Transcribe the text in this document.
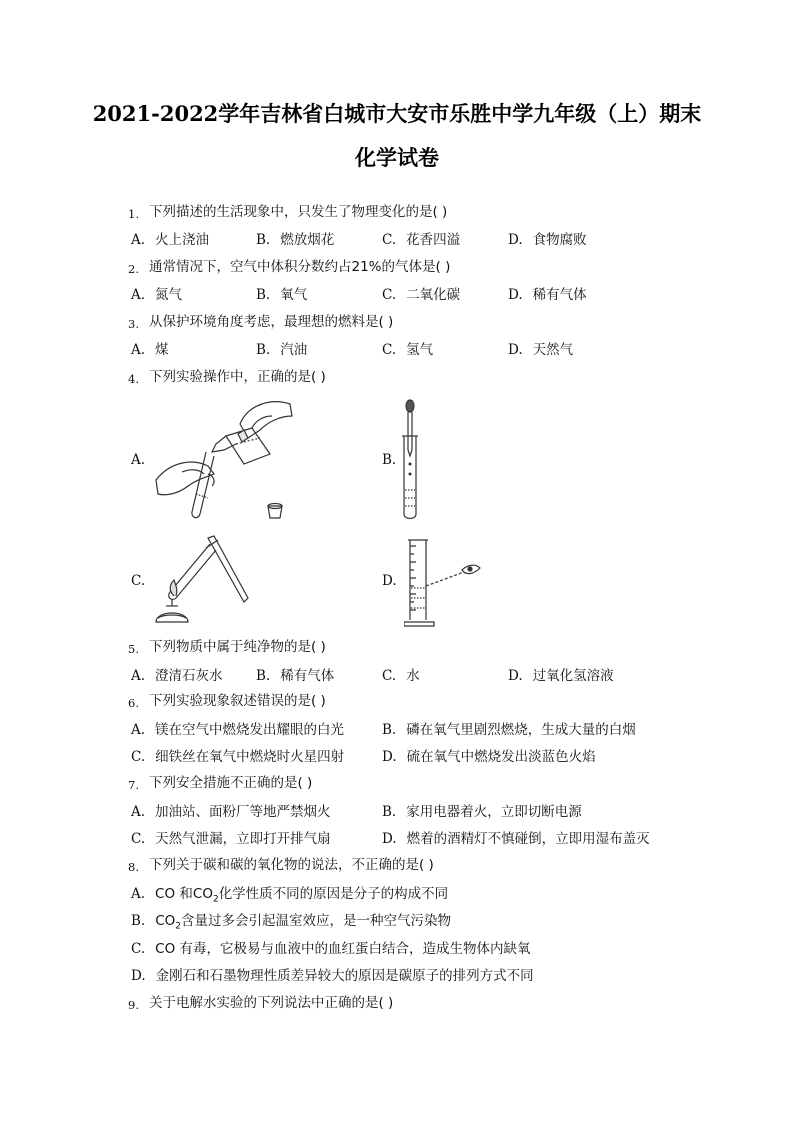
2021-2022学年吉林省白城市大安市乐胜中学九年级（上）期末
化学试卷
1. 下列描述的生活现象中，只发生了物理变化的是( )
A. 火上浇油	B. 燃放烟花	C. 花香四溢	D. 食物腐败
2. 通常情况下，空气中体积分数约占21%的气体是( )
A. 氮气	B. 氧气	C. 二氧化碳	D. 稀有气体
3. 从保护环境角度考虑，最理想的燃料是( )
A. 煤	B. 汽油	C. 氢气	D. 天然气
4. 下列实验操作中，正确的是( )
A.	B.
C.	D.
5. 下列物质中属于纯净物的是( )
A. 澄清石灰水 B. 稀有气体	C. 水	D. 过氧化氢溶液
6. 下列实验现象叙述错误的是( )
A. 镁在空气中燃烧发出耀眼的白光	B. 磷在氧气里剧烈燃烧，生成大量的白烟
C. 细铁丝在氧气中燃烧时火星四射	D. 硫在氧气中燃烧发出淡蓝色火焰
7. 下列安全措施不正确的是( )
A. 加油站、面粉厂等地严禁烟火	B. 家用电器着火，立即切断电源
C. 天然气泄漏，立即打开排气扇	D. 燃着的酒精灯不慎碰倒，立即用湿布盖灭
8. 下列关于碳和碳的氧化物的说法，不正确的是( )
A. CO 和$CO_2$化学性质不同的原因是分子的构成不同
B. $CO_2$含量过多会引起温室效应，是一种空气污染物
C. CO 有毒，它极易与血液中的血红蛋白结合，造成生物体内缺氧
D. 金刚石和石墨物理性质差异较大的原因是碳原子的排列方式不同
9. 关于电解水实验的下列说法中正确的是( )
